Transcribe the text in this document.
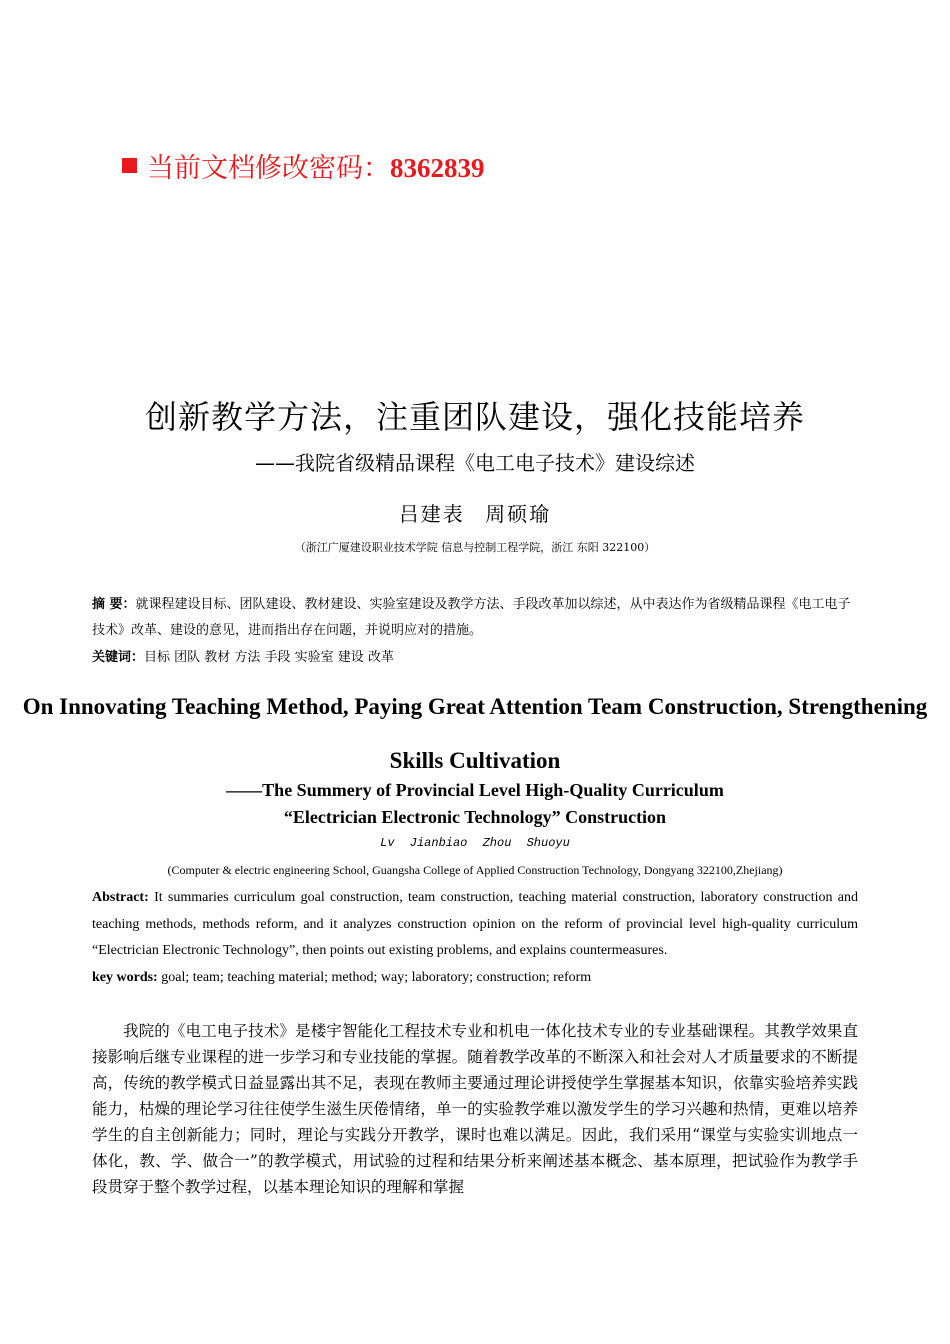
当前文档修改密码：8362839
创新教学方法，注重团队建设，强化技能培养
——我院省级精品课程《电工电子技术》建设综述
吕建表 周硕瑜
（浙江广厦建设职业技术学院 信息与控制工程学院，浙江 东阳 322100）
摘 要：就课程建设目标、团队建设、教材建设、实验室建设及教学方法、手段改革加以综述，从中表达作为省级精品课程《电工电子技术》改革、建设的意见，进而指出存在问题，并说明应对的措施。
关键词：目标 团队 教材 方法 手段 实验室 建设 改革
On Innovating Teaching Method, Paying Great Attention Team Construction, Strengthening Skills Cultivation
——The Summery of Provincial Level High-Quality Curriculum
“Electrician Electronic Technology” Construction
Lv Jianbiao Zhou Shuoyu
(Computer & electric engineering School, Guangsha College of Applied Construction Technology, Dongyang 322100,Zhejiang)
Abstract: It summaries curriculum goal construction, team construction, teaching material construction, laboratory construction and teaching methods, methods reform, and it analyzes construction opinion on the reform of provincial level high-quality curriculum “Electrician Electronic Technology”, then points out existing problems, and explains countermeasures.
key words: goal; team; teaching material; method; way; laboratory; construction; reform
我院的《电工电子技术》是楼宇智能化工程技术专业和机电一体化技术专业的专业基础课程。其教学效果直接影响后继专业课程的进一步学习和专业技能的掌握。随着教学改革的不断深入和社会对人才质量要求的不断提高，传统的教学模式日益显露出其不足，表现在教师主要通过理论讲授使学生掌握基本知识，依靠实验培养实践能力，枯燥的理论学习往往使学生滋生厌倦情绪，单一的实验教学难以激发学生的学习兴趣和热情，更难以培养学生的自主创新能力；同时，理论与实践分开教学，课时也难以满足。因此，我们采用“课堂与实验实训地点一体化，教、学、做合一”的教学模式，用试验的过程和结果分析来阐述基本概念、基本原理，把试验作为教学手段贯穿于整个教学过程，以基本理论知识的理解和掌握
